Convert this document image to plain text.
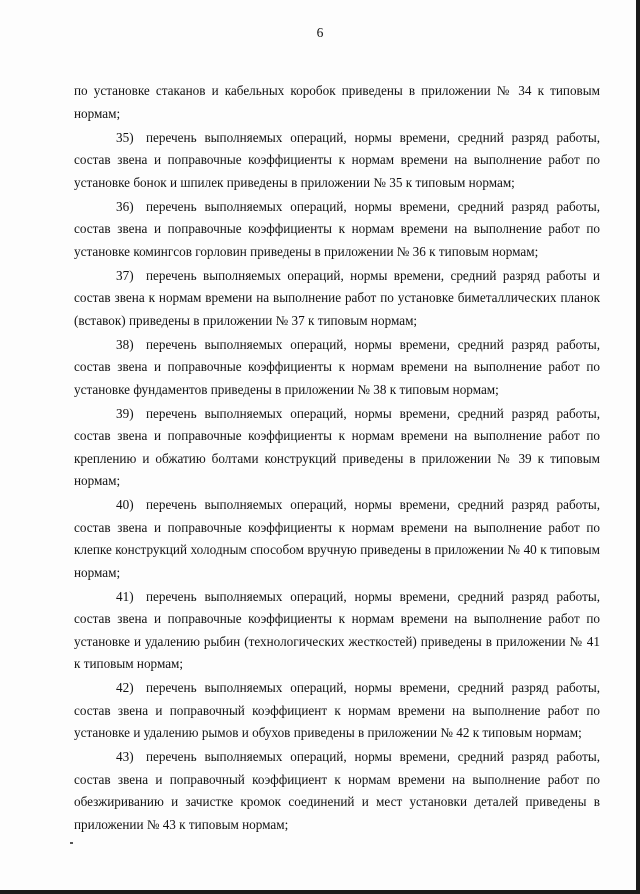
6

по установке стаканов и кабельных коробок приведены в приложении № 34 к типовым нормам;

35) перечень выполняемых операций, нормы времени, средний разряд работы, состав звена и поправочные коэффициенты к нормам времени на выполнение работ по установке бонок и шпилек приведены в приложении № 35 к типовым нормам;

36) перечень выполняемых операций, нормы времени, средний разряд работы, состав звена и поправочные коэффициенты к нормам времени на выполнение работ по установке комингсов горловин приведены в приложении № 36 к типовым нормам;

37) перечень выполняемых операций, нормы времени, средний разряд работы и состав звена к нормам времени на выполнение работ по установке биметаллических планок (вставок) приведены в приложении № 37 к типовым нормам;

38) перечень выполняемых операций, нормы времени, средний разряд работы, состав звена и поправочные коэффициенты к нормам времени на выполнение работ по установке фундаментов приведены в приложении № 38 к типовым нормам;

39) перечень выполняемых операций, нормы времени, средний разряд работы, состав звена и поправочные коэффициенты к нормам времени на выполнение работ по креплению и обжатию болтами конструкций приведены в приложении № 39 к типовым нормам;

40) перечень выполняемых операций, нормы времени, средний разряд работы, состав звена и поправочные коэффициенты к нормам времени на выполнение работ по клепке конструкций холодным способом вручную приведены в приложении № 40 к типовым нормам;

41) перечень выполняемых операций, нормы времени, средний разряд работы, состав звена и поправочные коэффициенты к нормам времени на выполнение работ по установке и удалению рыбин (технологических жесткостей) приведены в приложении № 41 к типовым нормам;

42) перечень выполняемых операций, нормы времени, средний разряд работы, состав звена и поправочный коэффициент к нормам времени на выполнение работ по установке и удалению рымов и обухов приведены в приложении № 42 к типовым нормам;

43) перечень выполняемых операций, нормы времени, средний разряд работы, состав звена и поправочный коэффициент к нормам времени на выполнение работ по обезжириванию и зачистке кромок соединений и мест установки деталей приведены в приложении № 43 к типовым нормам;
